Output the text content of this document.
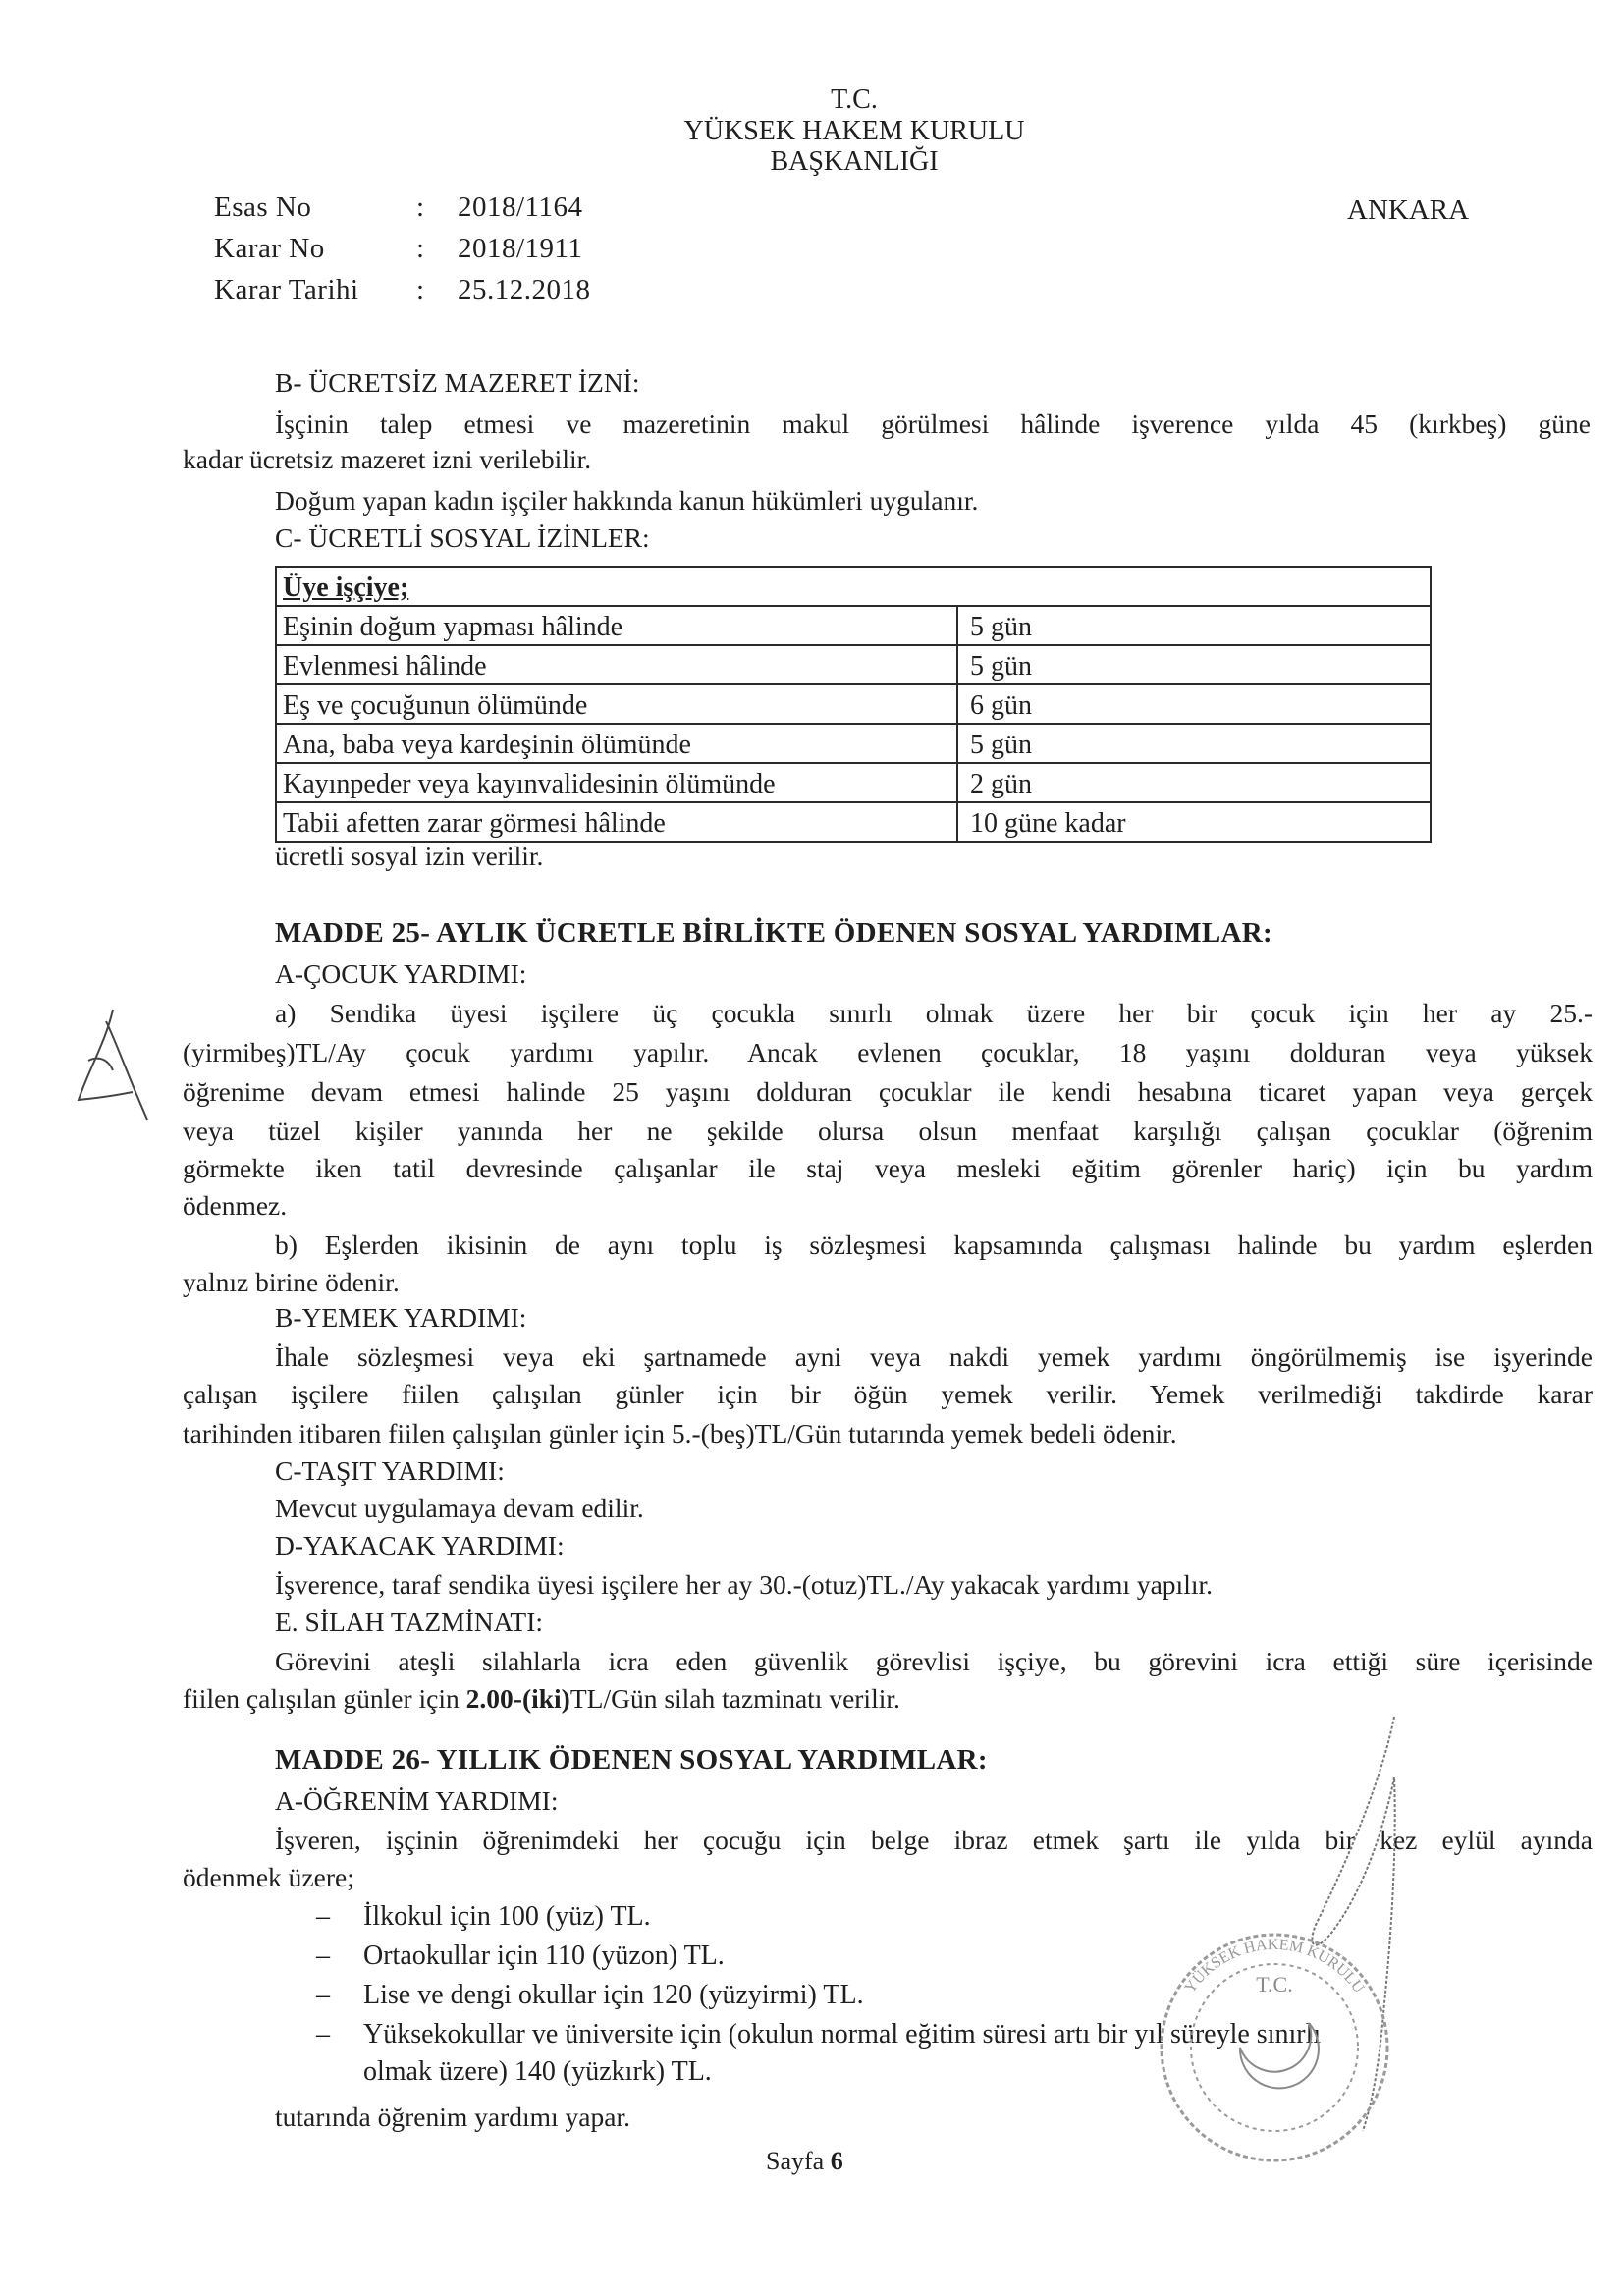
T.C.
YÜKSEK HAKEM KURULU
BAŞKANLIĞI
ANKARA
Esas No	: 2018/1164
Karar No	: 2018/1911
Karar Tarihi : 25.12.2018
B- ÜCRETSİZ MAZERET İZNİ:
İşçinin talep etmesi ve mazeretinin makul görülmesi hâlinde işverence yılda 45 (kırkbeş) güne
kadar ücretsiz mazeret izni verilebilir.
Doğum yapan kadın işçiler hakkında kanun hükümleri uygulanır.
C- ÜCRETLİ SOSYAL İZİNLER:
Üye işçiye;	
Eşinin doğum yapması hâlinde	5 gün
Evlenmesi hâlinde	5 gün
Eş ve çocuğunun ölümünde	6 gün
Ana, baba veya kardeşinin ölümünde	5 gün
Kayınpeder veya kayınvalidesinin ölümünde	2 gün
Tabii afetten zarar görmesi hâlinde	10 güne kadar
ücretli sosyal izin verilir.
MADDE 25- AYLIK ÜCRETLE BİRLİKTE ÖDENEN SOSYAL YARDIMLAR:
A-ÇOCUK YARDIMI:
a) Sendika üyesi işçilere üç çocukla sınırlı olmak üzere her bir çocuk için her ay 25.-
(yirmibeş)TL/Ay çocuk yardımı yapılır. Ancak evlenen çocuklar, 18 yaşını dolduran veya yüksek
öğrenime devam etmesi halinde 25 yaşını dolduran çocuklar ile kendi hesabına ticaret yapan veya gerçek
veya tüzel kişiler yanında her ne şekilde olursa olsun menfaat karşılığı çalışan çocuklar (öğrenim
görmekte iken tatil devresinde çalışanlar ile staj veya mesleki eğitim görenler hariç) için bu yardım
ödenmez.
b) Eşlerden ikisinin de aynı toplu iş sözleşmesi kapsamında çalışması halinde bu yardım eşlerden
yalnız birine ödenir.
B-YEMEK YARDIMI:
İhale sözleşmesi veya eki şartnamede ayni veya nakdi yemek yardımı öngörülmemiş ise işyerinde
çalışan işçilere fiilen çalışılan günler için bir öğün yemek verilir. Yemek verilmediği takdirde karar
tarihinden itibaren fiilen çalışılan günler için 5.-(beş)TL/Gün tutarında yemek bedeli ödenir.
C-TAŞIT YARDIMI:
Mevcut uygulamaya devam edilir.
D-YAKACAK YARDIMI:
İşverence, taraf sendika üyesi işçilere her ay 30.-(otuz)TL./Ay yakacak yardımı yapılır.
E. SİLAH TAZMİNATI:
Görevini ateşli silahlarla icra eden güvenlik görevlisi işçiye, bu görevini icra ettiği süre içerisinde
fiilen çalışılan günler için 2.00-(iki)TL/Gün silah tazminatı verilir.
MADDE 26- YILLIK ÖDENEN SOSYAL YARDIMLAR:
A-ÖĞRENİM YARDIMI:
İşveren, işçinin öğrenimdeki her çocuğu için belge ibraz etmek şartı ile yılda bir kez eylül ayında
ödenmek üzere;
– İlkokul için 100 (yüz) TL.
– Ortaokullar için 110 (yüzon) TL.
– Lise ve dengi okullar için 120 (yüzyirmi) TL.
– Yüksekokullar ve üniversite için (okulun normal eğitim süresi artı bir yıl süreyle sınırlı
olmak üzere) 140 (yüzkırk) TL.
tutarında öğrenim yardımı yapar.
Sayfa 6
T.C.
YÜKSEK HAKEM KURULU
